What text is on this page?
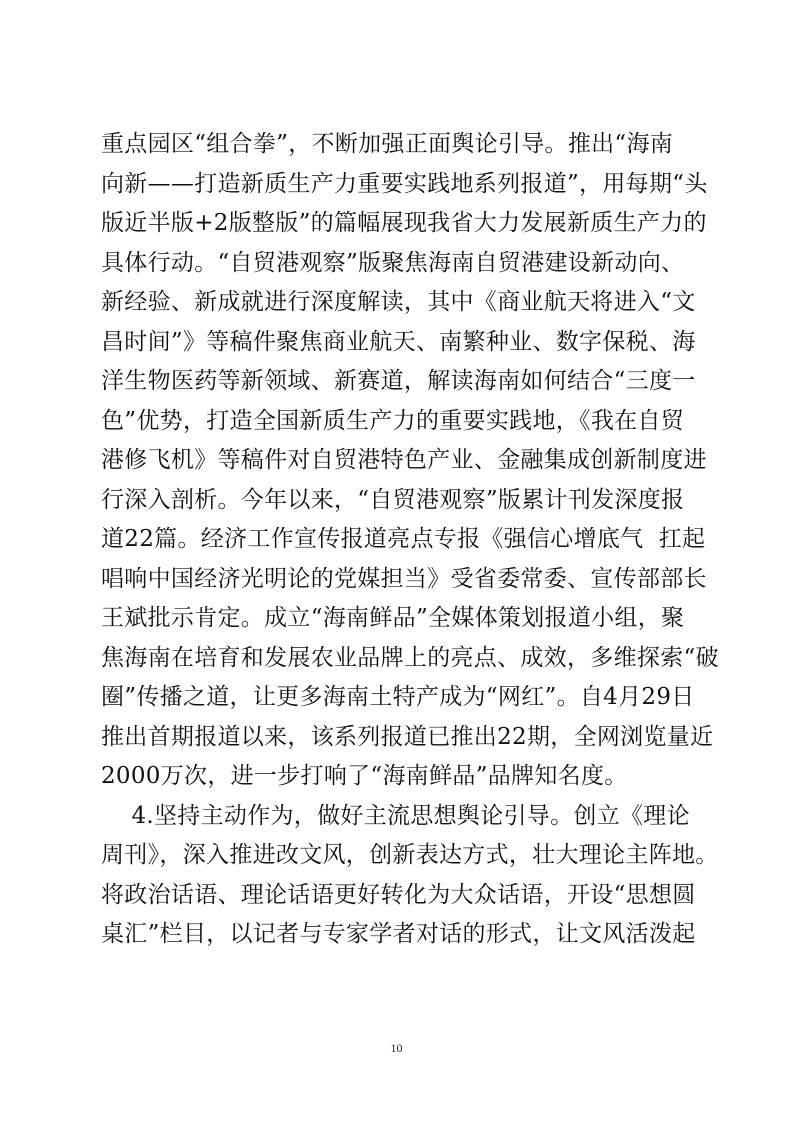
重点园区“组合拳”，不断加强正面舆论引导。推出“海南
向新——打造新质生产力重要实践地系列报道”，用每期“头
版近半版+2版整版”的篇幅展现我省大力发展新质生产力的
具体行动。“自贸港观察”版聚焦海南自贸港建设新动向、
新经验、新成就进行深度解读，其中《商业航天将进入“文
昌时间”》等稿件聚焦商业航天、南繁种业、数字保税、海
洋生物医药等新领域、新赛道，解读海南如何结合“三度一
色”优势，打造全国新质生产力的重要实践地，《我在自贸
港修飞机》等稿件对自贸港特色产业、金融集成创新制度进
行深入剖析。今年以来，“自贸港观察”版累计刊发深度报
道22篇。经济工作宣传报道亮点专报《强信心增底气  扛起
唱响中国经济光明论的党媒担当》受省委常委、宣传部部长
王斌批示肯定。成立“海南鲜品”全媒体策划报道小组，聚
焦海南在培育和发展农业品牌上的亮点、成效，多维探索“破
圈”传播之道，让更多海南土特产成为“网红”。自4月29日
推出首期报道以来，该系列报道已推出22期，全网浏览量近
2000万次，进一步打响了“海南鲜品”品牌知名度。
4.坚持主动作为，做好主流思想舆论引导。创立《理论
周刊》，深入推进改文风，创新表达方式，壮大理论主阵地。
将政治话语、理论话语更好转化为大众话语，开设“思想圆
桌汇”栏目，以记者与专家学者对话的形式，让文风活泼起
10
